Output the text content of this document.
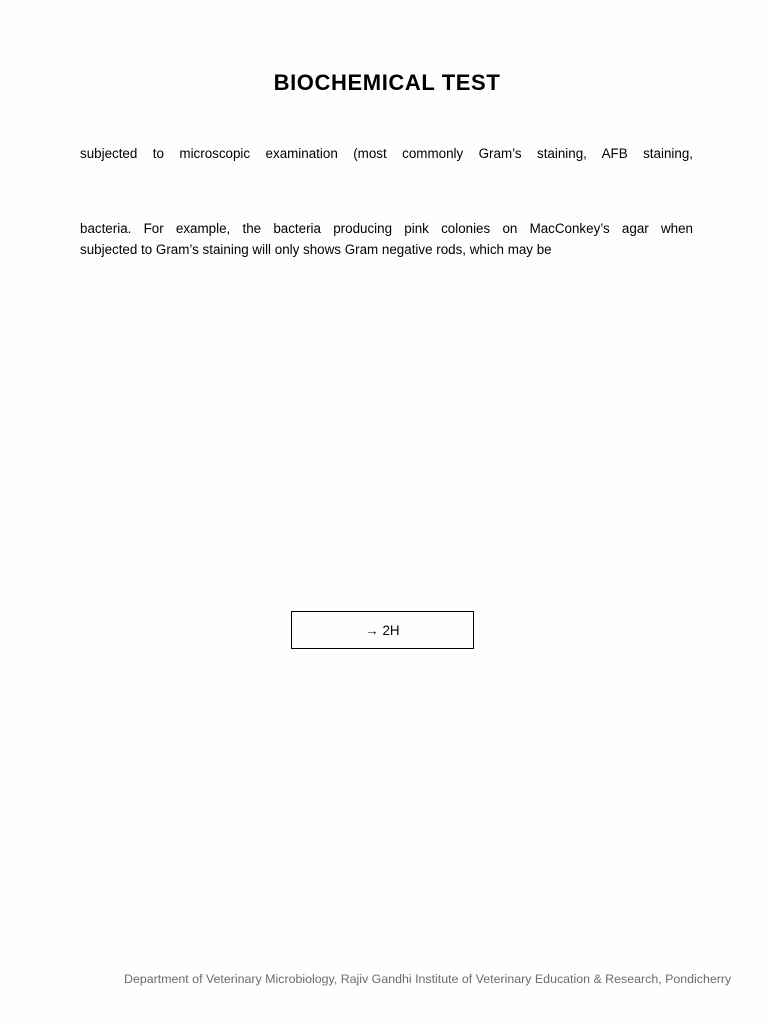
BIOCHEMICAL TEST
subjected to microscopic examination (most commonly Gram’s staining, AFB staining,
bacteria. For example, the bacteria producing pink colonies on MacConkey’s agar when
subjected to Gram’s staining will only shows Gram negative rods, which may be
→ 2H
Department of Veterinary Microbiology, Rajiv Gandhi Institute of Veterinary Education & Research, Pondicherry
